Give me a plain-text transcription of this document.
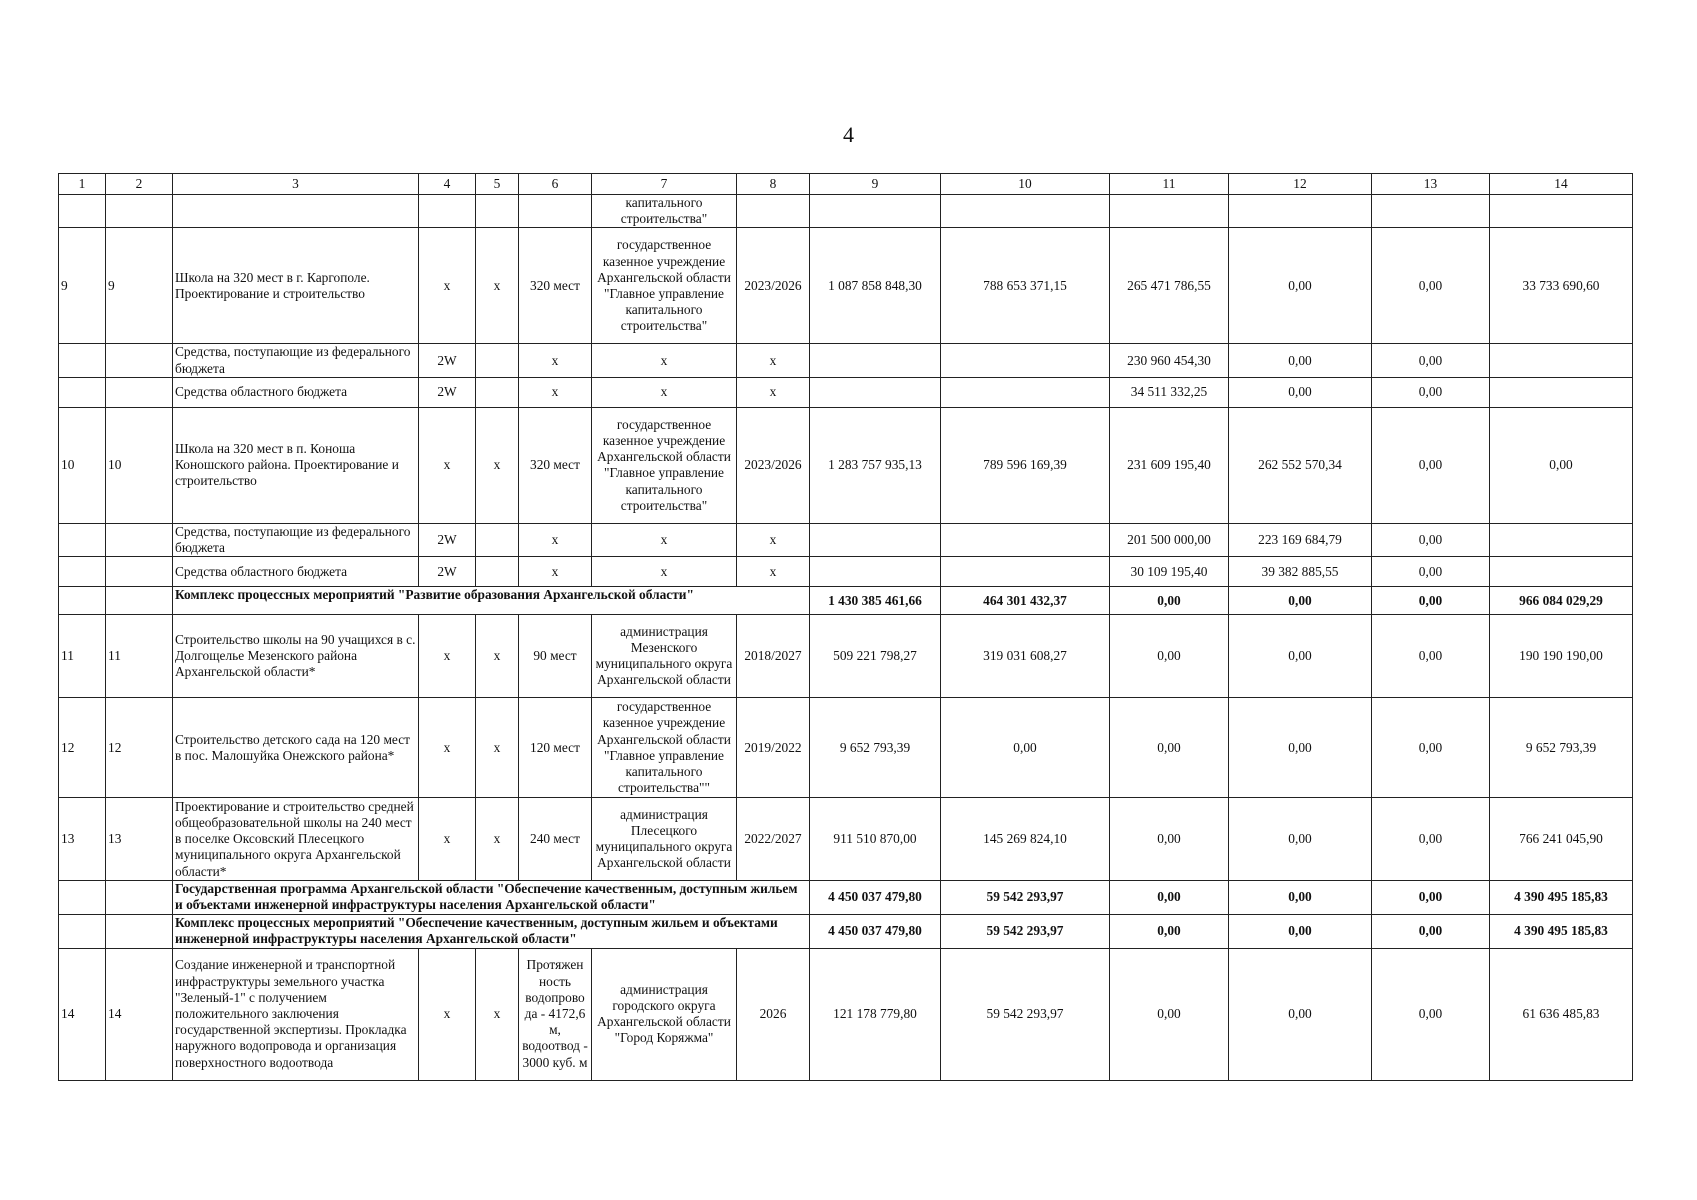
4
1	2	3	4	5	6	7	8	9	10	11	12	13	14
						капитального строительства"							
9	9	Школа на 320 мест в г. Каргополе. Проектирование и строительство	x	x	320 мест	государственное казенное учреждение Архангельской области "Главное управление капитального строительства"	2023/2026	1 087 858 848,30	788 653 371,15	265 471 786,55	0,00	0,00	33 733 690,60
		Средства, поступающие из федерального бюджета	2W		x	x	x			230 960 454,30	0,00	0,00	
		Средства областного бюджета	2W		x	x	x			34 511 332,25	0,00	0,00	
10	10	Школа на 320 мест в п. Коноша Коношского района. Проектирование и строительство	x	x	320 мест	государственное казенное учреждение Архангельской области "Главное управление капитального строительства"	2023/2026	1 283 757 935,13	789 596 169,39	231 609 195,40	262 552 570,34	0,00	0,00
		Средства, поступающие из федерального бюджета	2W		x	x	x			201 500 000,00	223 169 684,79	0,00	
		Средства областного бюджета	2W		x	x	x			30 109 195,40	39 382 885,55	0,00	
		Комплекс процессных мероприятий "Развитие образования Архангельской области"						1 430 385 461,66	464 301 432,37	0,00	0,00	0,00	966 084 029,29
11	11	Строительство школы на 90 учащихся в с. Долгощелье Мезенского района Архангельской области*	x	x	90 мест	администрация Мезенского муниципального округа Архангельской области	2018/2027	509 221 798,27	319 031 608,27	0,00	0,00	0,00	190 190 190,00
12	12	Строительство детского сада на 120 мест в пос. Малошуйка Онежского района*	x	x	120 мест	государственное казенное учреждение Архангельской области "Главное управление капитального строительства""	2019/2022	9 652 793,39	0,00	0,00	0,00	0,00	9 652 793,39
13	13	Проектирование и строительство средней общеобразовательной школы на 240 мест в поселке Оксовский Плесецкого муниципального округа Архангельской области*	x	x	240 мест	администрация Плесецкого муниципального округа Архангельской области	2022/2027	911 510 870,00	145 269 824,10	0,00	0,00	0,00	766 241 045,90
		Государственная программа Архангельской области "Обеспечение качественным, доступным жильем и объектами инженерной инфраструктуры населения Архангельской области"						4 450 037 479,80	59 542 293,97	0,00	0,00	0,00	4 390 495 185,83
		Комплекс процессных мероприятий "Обеспечение качественным, доступным жильем и объектами инженерной инфраструктуры населения Архангельской области"						4 450 037 479,80	59 542 293,97	0,00	0,00	0,00	4 390 495 185,83
14	14	Создание инженерной и транспортной инфраструктуры земельного участка "Зеленый-1" с получением положительного заключения государственной экспертизы. Прокладка наружного водопровода и организация поверхностного водоотвода	x	x	Протяжен ность водопрово да - 4172,6 м, водоотвод - 3000 куб. м	администрация городского округа Архангельской области "Город Коряжма"	2026	121 178 779,80	59 542 293,97	0,00	0,00	0,00	61 636 485,83
